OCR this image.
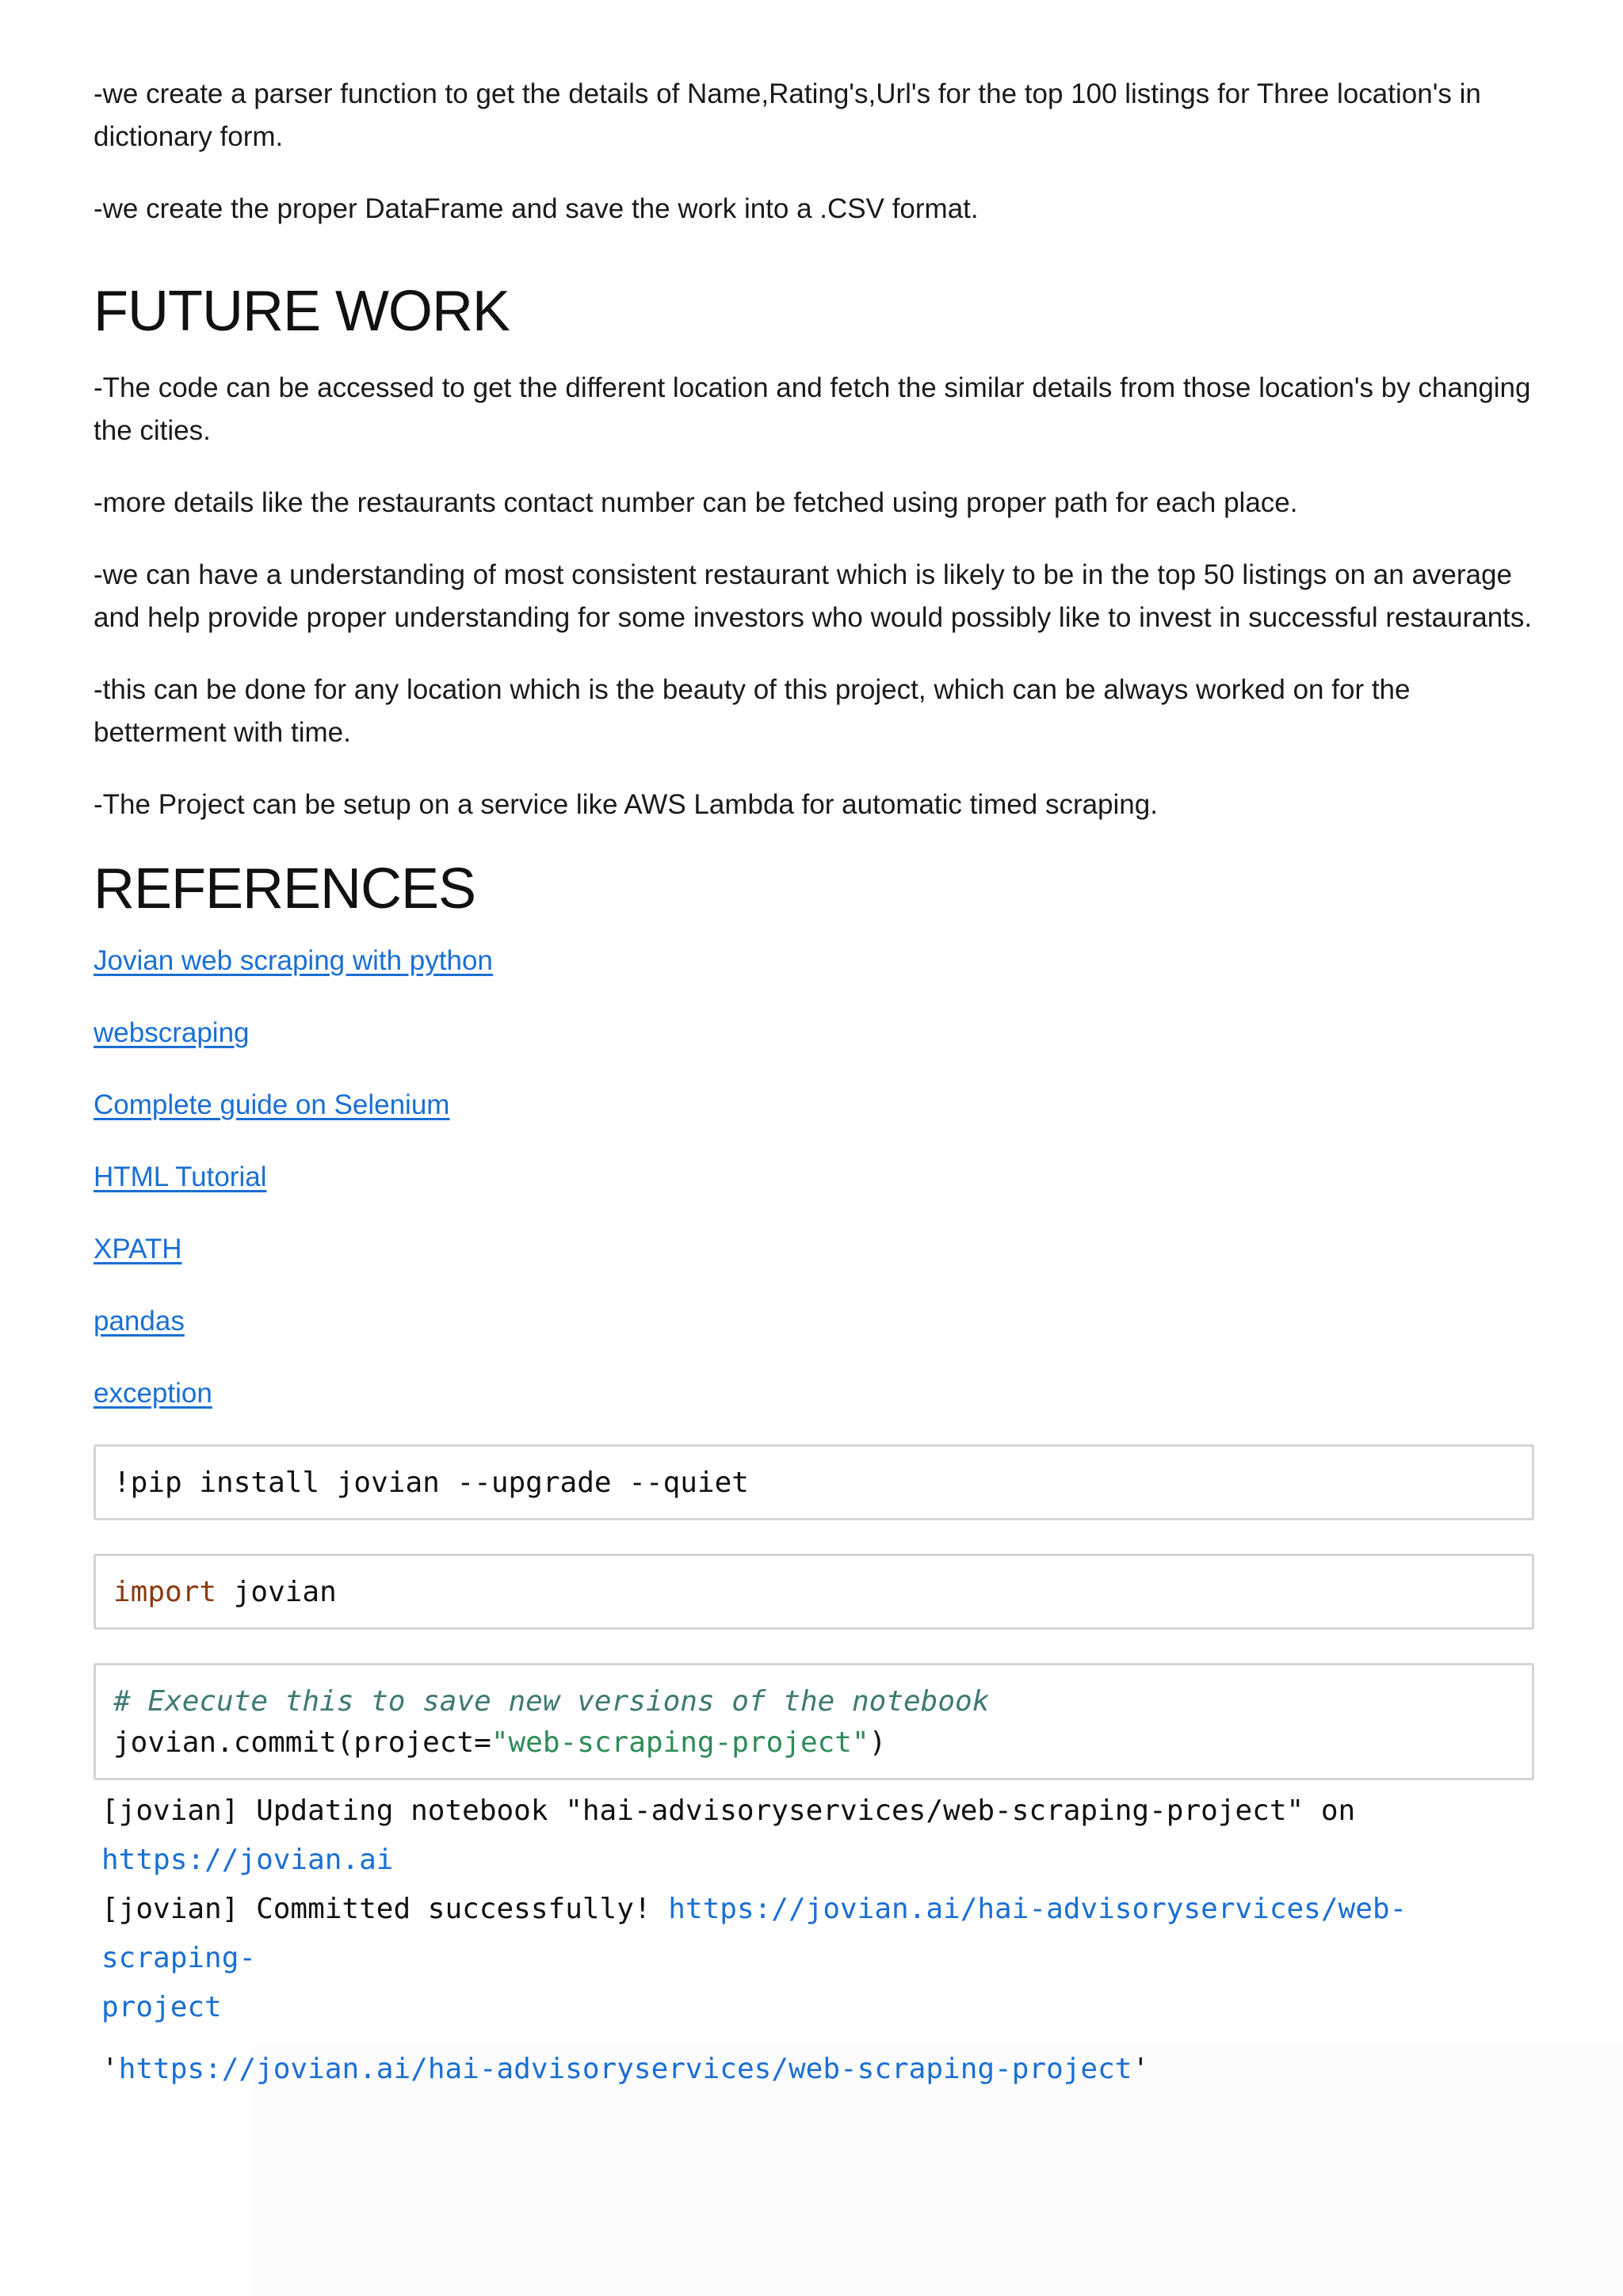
-we create a parser function to get the details of Name,Rating's,Url's for the top 100 listings for Three location's in dictionary form.

-we create the proper DataFrame and save the work into a .CSV format.

FUTURE WORK

-The code can be accessed to get the different location and fetch the similar details from those location's by changing the cities.

-more details like the restaurants contact number can be fetched using proper path for each place.

-we can have a understanding of most consistent restaurant which is likely to be in the top 50 listings on an average and help provide proper understanding for some investors who would possibly like to invest in successful restaurants.

-this can be done for any location which is the beauty of this project, which can be always worked on for the betterment with time.

-The Project can be setup on a service like AWS Lambda for automatic timed scraping.

REFERENCES
Jovian web scraping with python
webscraping
Complete guide on Selenium
HTML Tutorial
XPATH
pandas
exception
!pip install jovian --upgrade --quiet
import jovian
# Execute this to save new versions of the notebook
jovian.commit(project="web-scraping-project")
[jovian] Updating notebook "hai-advisoryservices/web-scraping-project" on
https://jovian.ai
[jovian] Committed successfully! https://jovian.ai/hai-advisoryservices/web-scraping-
project
'https://jovian.ai/hai-advisoryservices/web-scraping-project'
